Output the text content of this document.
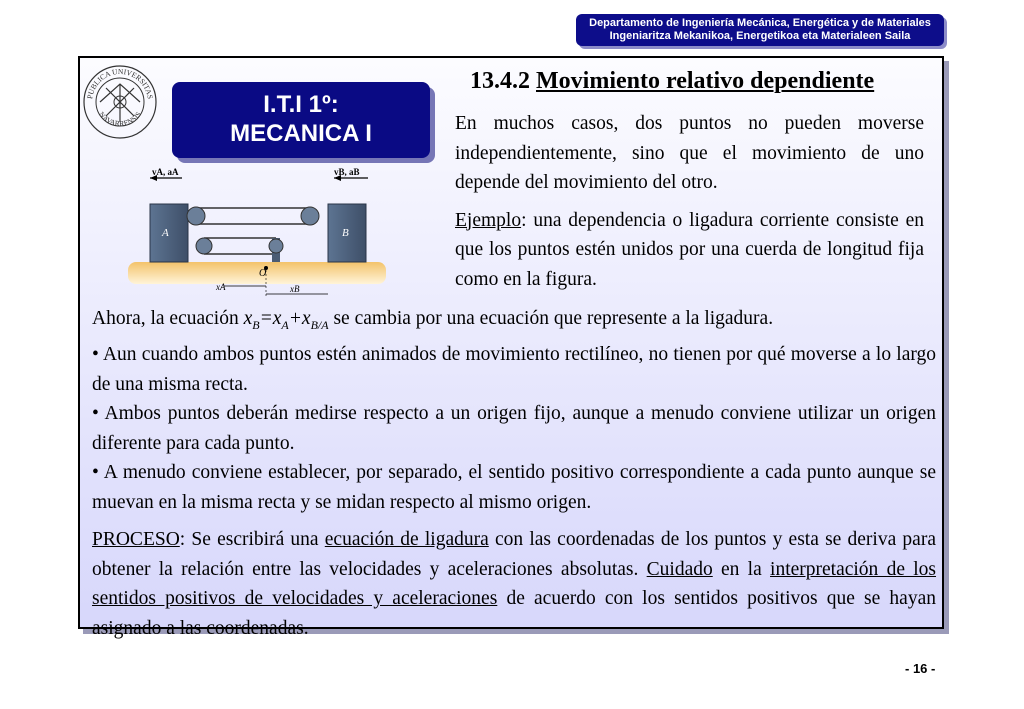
Departamento de Ingeniería Mecánica, Energética y de Materiales
Ingeniaritza Mekanikoa, Energetikoa eta Materialeen Saila
PUBLICA UNIVERSITAS
NAVARRENSIS	I.T.I 1º:
MECANICA I
13.4.2 Movimiento relativo dependiente

En muchos casos, dos puntos no pueden moverse independientemente, sino que el movimiento de uno depende del movimiento del otro.

Ejemplo: una dependencia o ligadura corriente consiste en que los puntos estén unidos por una cuerda de longitud fija como en la figura.

vA, aA	vB, aB
A	B
O
xA	xB

Ahora, la ecuación $x_B=x_A+x_{B/A}$ se cambia por una ecuación que represente a la ligadura.

• Aun cuando ambos puntos estén animados de movimiento rectilíneo, no tienen por qué moverse a lo largo de una misma recta.

• Ambos puntos deberán medirse respecto a un origen fijo, aunque a menudo conviene utilizar un origen diferente para cada punto.

• A menudo conviene establecer, por separado, el sentido positivo correspondiente a cada punto aunque se muevan en la misma recta y se midan respecto al mismo origen.

PROCESO: Se escribirá una ecuación de ligadura con las coordenadas de los puntos y esta se deriva para obtener la relación entre las velocidades y aceleraciones absolutas. Cuidado en la interpretación de los sentidos positivos de velocidades y aceleraciones de acuerdo con los sentidos positivos que se hayan asignado a las coordenadas.

- 16 -
